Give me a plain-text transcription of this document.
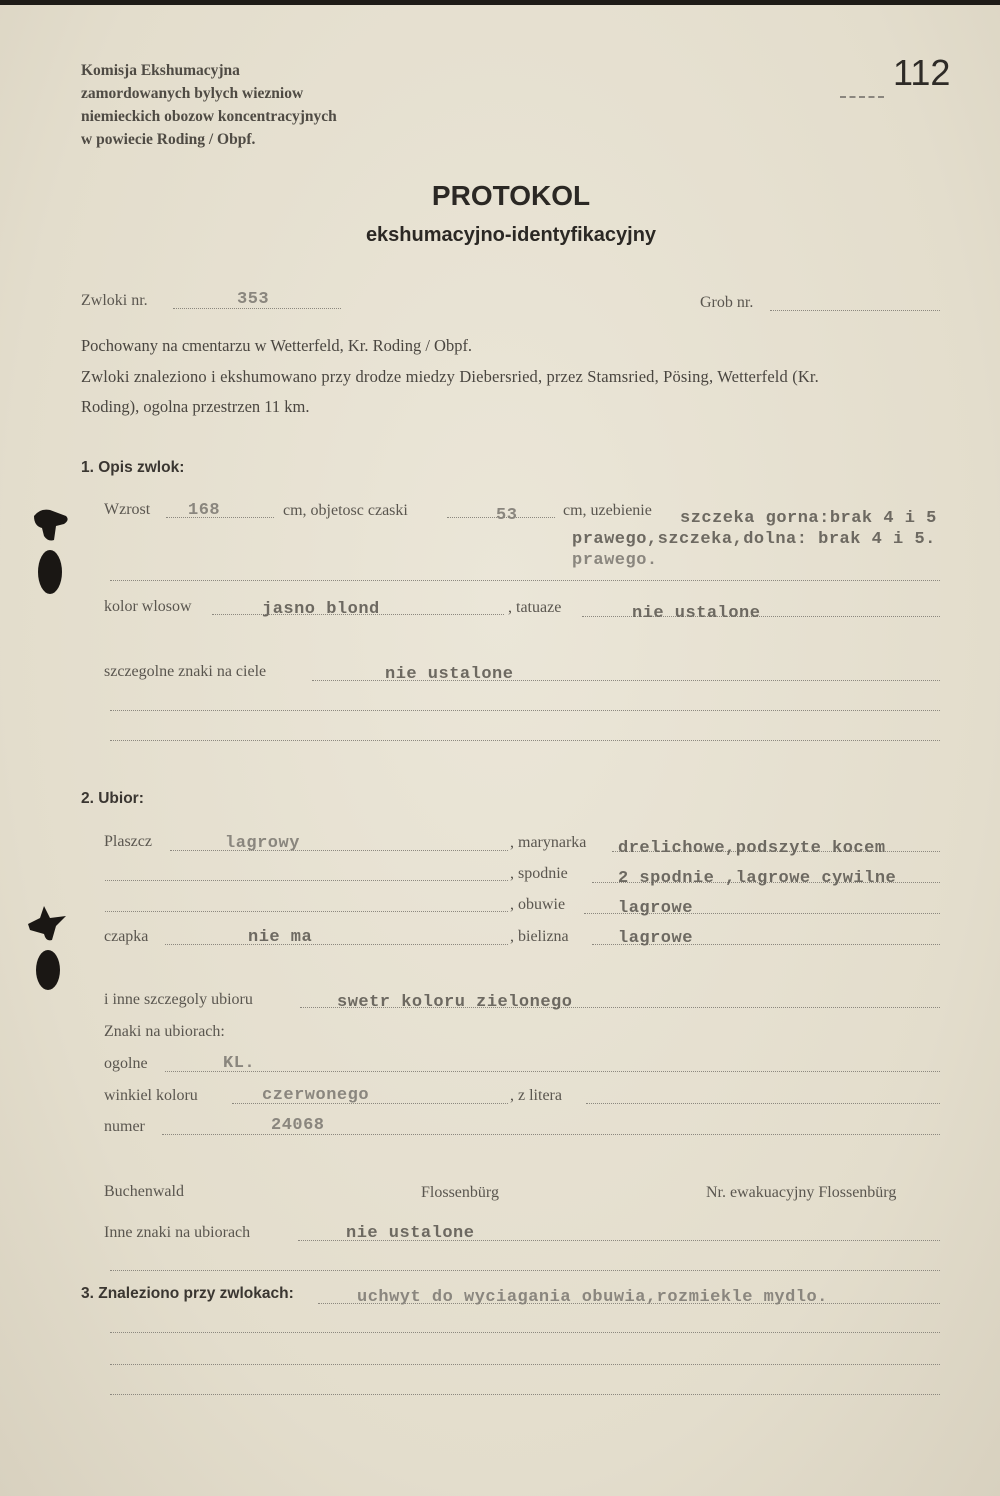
Komisja Ekshumacyjna
zamordowanych bylych wiezniow
niemieckich obozow koncentracyjnych
w powiecie Roding / Obpf.
112
PROTOKOL
ekshumacyjno-identyfikacyjny
Zwloki nr.	353	Grob nr.
Pochowany na cmentarzu w Wetterfeld, Kr. Roding / Obpf.
Zwloki znaleziono i ekshumowano przy drodze miedzy Diebersried, przez Stamsried, Pösing, Wetterfeld (Kr.
Roding), ogolna przestrzen 11 km.
1. Opis zwlok:
Wzrost 168	cm, objetosc czaski	53	cm, uzebienie szczeka gorna:brak 4 i 5
prawego,szczeka,dolna: brak 4 i 5.
prawego.
kolor wlosow	jasno blond	, tatuaze	nie ustalone
szczegolne znaki na ciele	nie ustalone
2. Ubior:
Plaszcz	lagrowy	, marynarka drelichowe,podszyte kocem
, spodnie	2 spodnie ,lagrowe cywilne
, obuwie	lagrowe
czapka	nie ma	, bielizna	lagrowe
i inne szczegoly ubioru	swetr koloru zielonego
Znaki na ubiorach:
ogolne	KL.
winkiel koloru	czerwonego	, z litera
numer	24068
Buchenwald	Flossenbürg	Nr. ewakuacyjny Flossenbürg
Inne znaki na ubiorach	nie ustalone
3. Znaleziono przy zwlokach:	uchwyt do wyciagania obuwia,rozmiekle mydlo.
